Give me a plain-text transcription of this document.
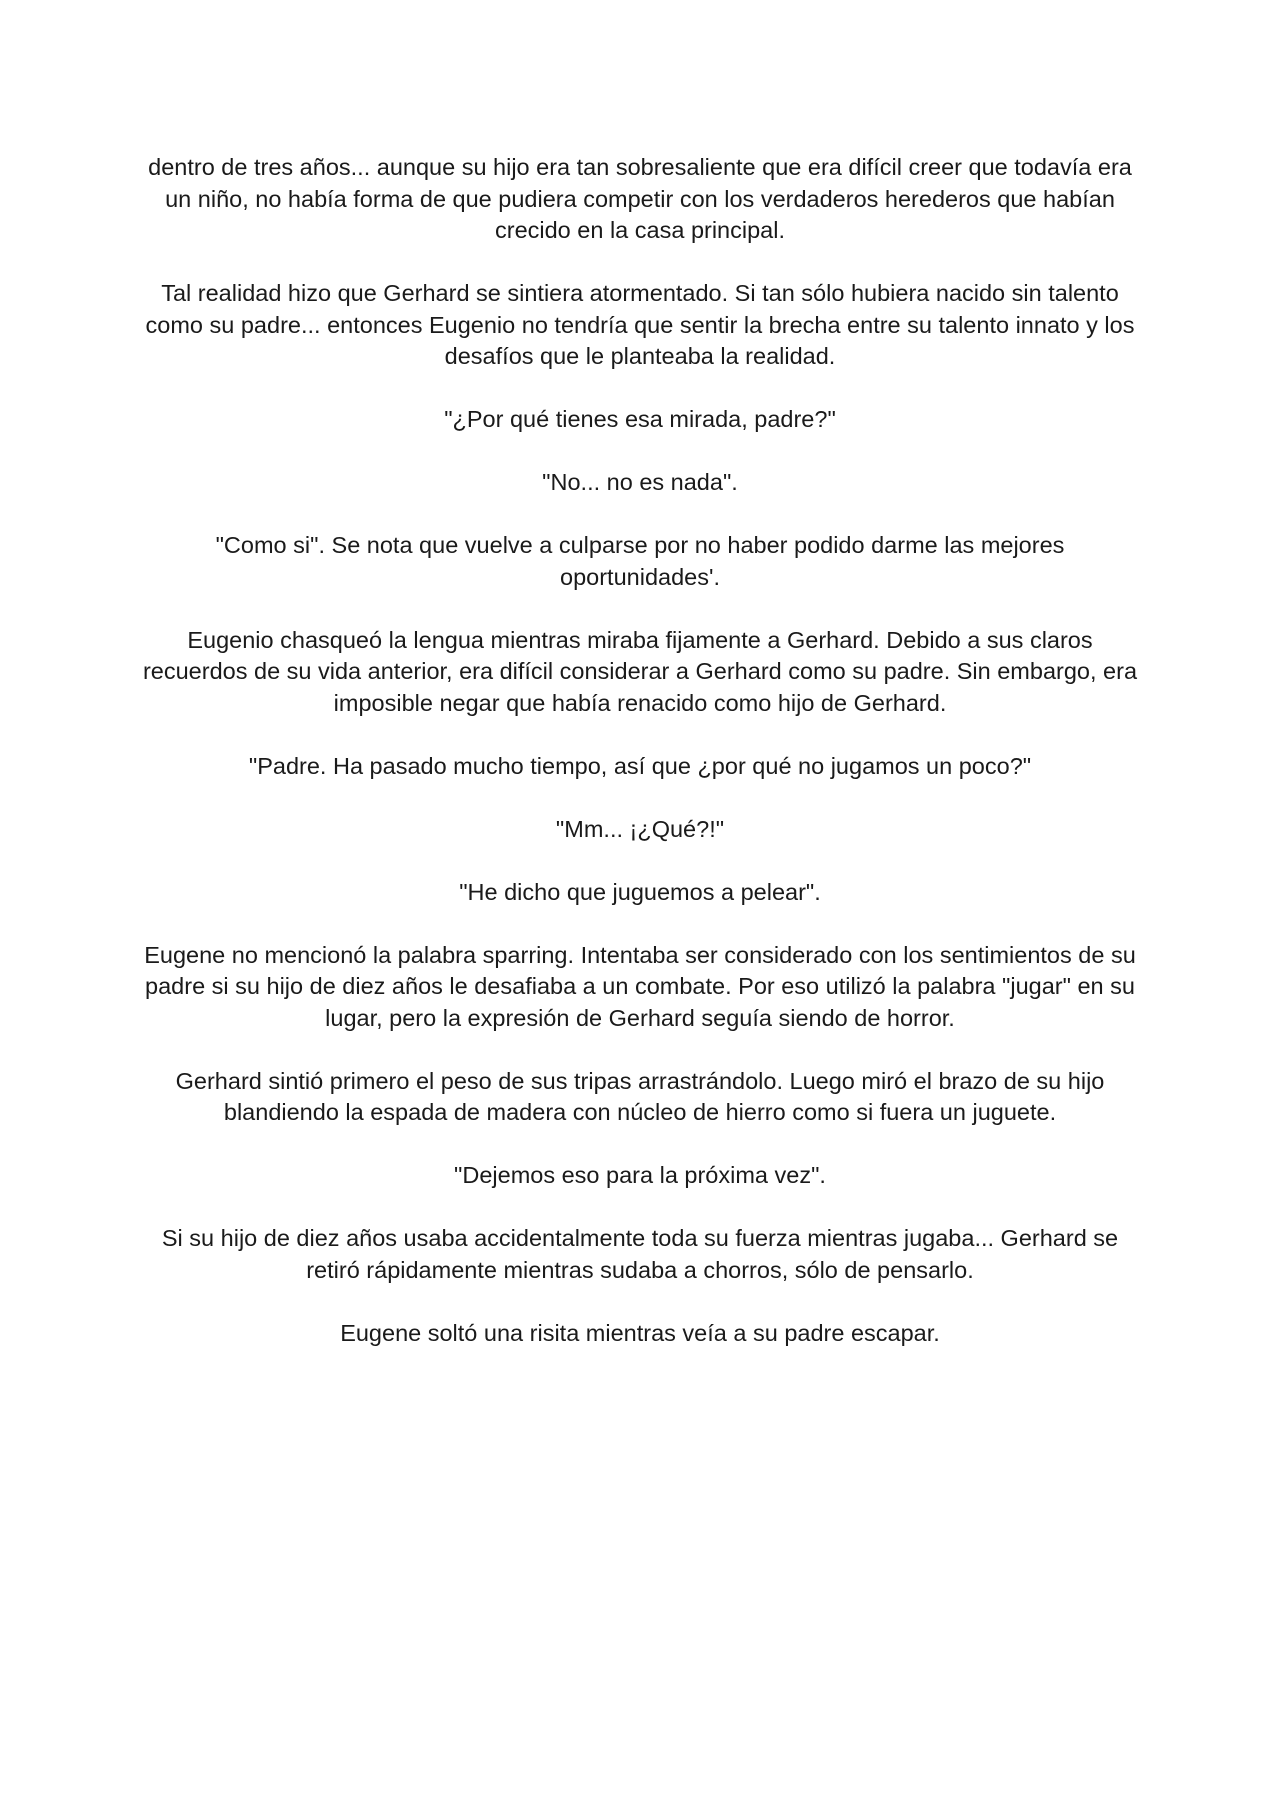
dentro de tres años... aunque su hijo era tan sobresaliente que era difícil creer que todavía era un niño, no había forma de que pudiera competir con los verdaderos herederos que habían crecido en la casa principal.

Tal realidad hizo que Gerhard se sintiera atormentado. Si tan sólo hubiera nacido sin talento como su padre... entonces Eugenio no tendría que sentir la brecha entre su talento innato y los desafíos que le planteaba la realidad.

"¿Por qué tienes esa mirada, padre?"

"No... no es nada".

"Como si". Se nota que vuelve a culparse por no haber podido darme las mejores oportunidades'.

Eugenio chasqueó la lengua mientras miraba fijamente a Gerhard. Debido a sus claros recuerdos de su vida anterior, era difícil considerar a Gerhard como su padre. Sin embargo, era imposible negar que había renacido como hijo de Gerhard.

"Padre. Ha pasado mucho tiempo, así que ¿por qué no jugamos un poco?"

"Mm... ¡¿Qué?!"

"He dicho que juguemos a pelear".

Eugene no mencionó la palabra sparring. Intentaba ser considerado con los sentimientos de su padre si su hijo de diez años le desafiaba a un combate. Por eso utilizó la palabra "jugar" en su lugar, pero la expresión de Gerhard seguía siendo de horror.

Gerhard sintió primero el peso de sus tripas arrastrándolo. Luego miró el brazo de su hijo blandiendo la espada de madera con núcleo de hierro como si fuera un juguete.

"Dejemos eso para la próxima vez".

Si su hijo de diez años usaba accidentalmente toda su fuerza mientras jugaba... Gerhard se retiró rápidamente mientras sudaba a chorros, sólo de pensarlo.

Eugene soltó una risita mientras veía a su padre escapar.
